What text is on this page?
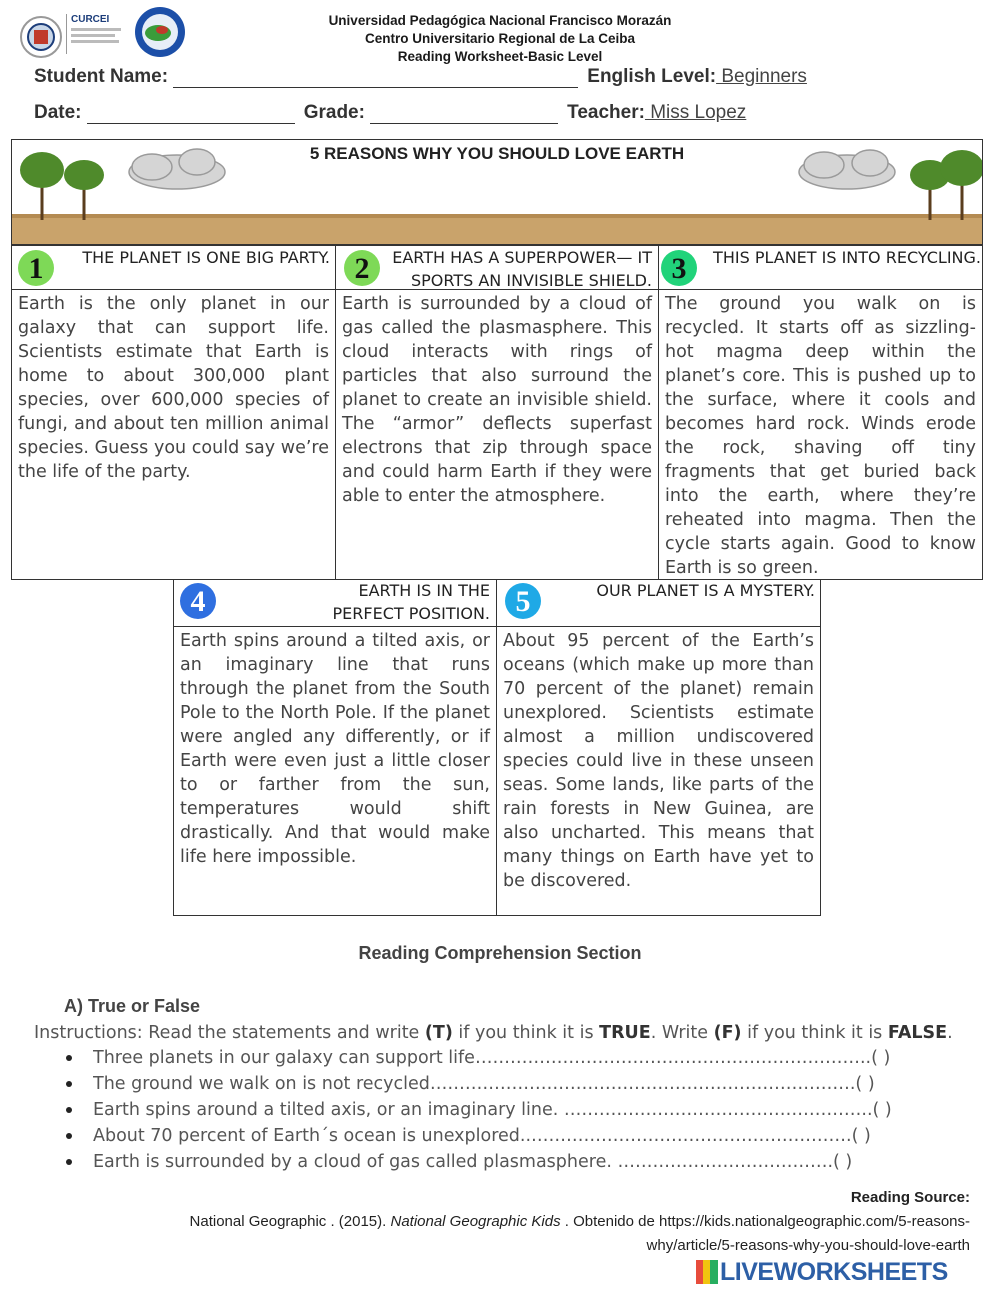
CURCEI	Universidad Pedagógica Nacional Francisco Morazán
Centro Universitario Regional de La Ceiba
Reading Worksheet-Basic Level
Student Name:	English Level: Beginners
Date:	Grade:	Teacher: Miss Lopez
5 REASONS WHY YOU SHOULD LOVE EARTH
1	THE PLANET IS ONE BIG PARTY. 2	EARTH HAS A SUPERPOWER— IT SPORTS AN INVISIBLE SHIELD. 3	THIS PLANET IS INTO RECYCLING.
Earth is the only planet in our galaxy that can support life. Scientists estimate that Earth is home to about 300,000 plant species, over 600,000 species of fungi, and about ten million animal species. Guess you could say we’re the life of the party.
Earth is surrounded by a cloud of gas called the plasmasphere. This cloud interacts with rings of particles that also surround the planet to create an invisible shield. The “armor” deflects superfast electrons that zip through space and could harm Earth if they were able to enter the atmosphere.
The ground you walk on is recycled. It starts off as sizzling-hot magma deep within the planet’s core. This is pushed up to the surface, where it cools and becomes hard rock. Winds erode the rock, shaving off tiny fragments that get buried back into the earth, where they’re reheated into magma. Then the cycle starts again. Good to know Earth is so green.
4	EARTH IS IN THE PERFECT POSITION. 5	OUR PLANET IS A MYSTERY.
Earth spins around a tilted axis, or an imaginary line that runs through the planet from the South Pole to the North Pole. If the planet were angled any differently, or if Earth were even just a little closer to or farther from the sun, temperatures would shift drastically. And that would make life here impossible.
About 95 percent of the Earth’s oceans (which make up more than 70 percent of the planet) remain unexplored. Scientists estimate almost a million undiscovered species could live in these unseen seas. Some lands, like parts of the rain forests in New Guinea, are also uncharted. This means that many things on Earth have yet to be discovered.
Reading Comprehension Section
A) True or False
Instructions: Read the statements and write (T) if you think it is TRUE. Write (F) if you think it is FALSE.
Three planets in our galaxy can support life…………………………………………………………..( )
The ground we walk on is not recycled……………………………………………………………….( )
Earth spins around a tilted axis, or an imaginary line. ……………………………………………..( )
About 70 percent of Earth´s ocean is unexplored..……………………………………………….( )
Earth is surrounded by a cloud of gas called plasmasphere. ……………………………….( )
Reading Source:
National Geographic . (2015). National Geographic Kids . Obtenido de https://kids.nationalgeographic.com/5-reasons-
why/article/5-reasons-why-you-should-love-earth
LIVEWORKSHEETS
